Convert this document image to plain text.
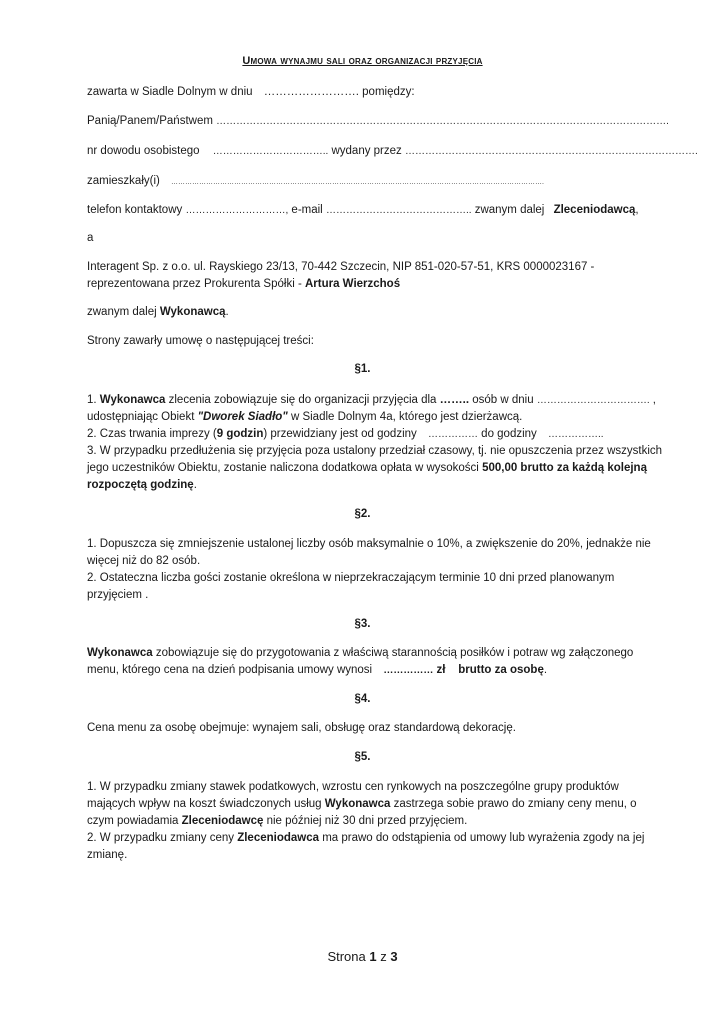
Umowa wynajmu sali oraz organizacji przyjęcia
zawarta w Siadle Dolnym w dniu ……………………. pomiędzy:
Panią/Panem/Państwem ……………………………………………………………………………………………………………………….
nr dowodu osobistego …………………………….. wydany przez …………………………………………………………………………….
zamieszkały(i) …………………………………………………………………………………………………………………………………………….
telefon kontaktowy …………………………, e-mail …………………………………….. zwanym dalej Zleceniodawcą,
a
Interagent Sp. z o.o. ul. Rayskiego 23/13, 70-442 Szczecin, NIP 851-020-57-51, KRS 0000023167 -
reprezentowana przez Prokurenta Spółki - Artura Wierzchoś
zwanym dalej Wykonawcą.
Strony zawarły umowę o następującej treści:
§1.
1. Wykonawca zlecenia zobowiązuje się do organizacji przyjęcia dla …….. osób w dniu ……………………………. ,
udostępniając Obiekt "Dworek Siadło" w Siadle Dolnym 4a, którego jest dzierżawcą.
2. Czas trwania imprezy (9 godzin) przewidziany jest od godziny …………… do godziny ……………..
3. W przypadku przedłużenia się przyjęcia poza ustalony przedział czasowy, tj. nie opuszczenia przez wszystkich
jego uczestników Obiektu, zostanie naliczona dodatkowa opłata w wysokości 500,00 brutto za każdą kolejną
rozpoczętą godzinę.
§2.
1. Dopuszcza się zmniejszenie ustalonej liczby osób maksymalnie o 10%, a zwiększenie do 20%, jednakże nie
więcej niż do 82 osób.
2. Ostateczna liczba gości zostanie określona w nieprzekraczającym terminie 10 dni przed planowanym
przyjęciem .
§3.
Wykonawca zobowiązuje się do przygotowania z właściwą starannością posiłków i potraw wg załączonego
menu, którego cena na dzień podpisania umowy wynosi …………… zł    brutto za osobę.
§4.
Cena menu za osobę obejmuje: wynajem sali, obsługę oraz standardową dekorację.
§5.
1. W przypadku zmiany stawek podatkowych, wzrostu cen rynkowych na poszczególne grupy produktów
mających wpływ na koszt świadczonych usług Wykonawca zastrzega sobie prawo do zmiany ceny menu, o
czym powiadamia Zleceniodawcę nie później niż 30 dni przed przyjęciem.
2. W przypadku zmiany ceny Zleceniodawca ma prawo do odstąpienia od umowy lub wyrażenia zgody na jej
zmianę.
Strona 1 z 3
